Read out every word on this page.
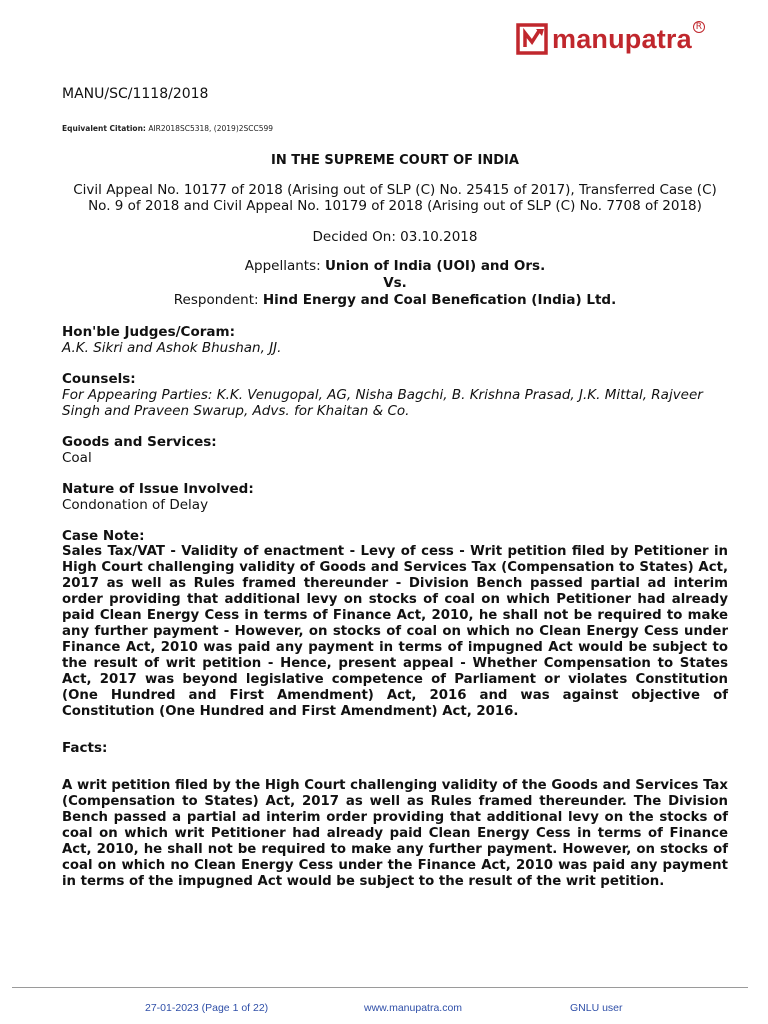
manupatra R

MANU/SC/1118/2018

Equivalent Citation: AIR2018SC5318, (2019)2SCC599
IN THE SUPREME COURT OF INDIA
Civil Appeal No. 10177 of 2018 (Arising out of SLP (C) No. 25415 of 2017), Transferred Case (C) No. 9 of 2018 and Civil Appeal No. 10179 of 2018 (Arising out of SLP (C) No. 7708 of 2018)
Decided On: 03.10.2018
Appellants: Union of India (UOI) and Ors.
Vs.
Respondent: Hind Energy and Coal Benefication (India) Ltd.
Hon'ble Judges/Coram:
A.K. Sikri and Ashok Bhushan, JJ.
Counsels:
For Appearing Parties: K.K. Venugopal, AG, Nisha Bagchi, B. Krishna Prasad, J.K. Mittal, Rajveer Singh and Praveen Swarup, Advs. for Khaitan & Co.
Goods and Services:
Coal
Nature of Issue Involved:
Condonation of Delay
Case Note:
Sales Tax/VAT - Validity of enactment - Levy of cess - Writ petition filed by Petitioner in High Court challenging validity of Goods and Services Tax (Compensation to States) Act, 2017 as well as Rules framed thereunder - Division Bench passed partial ad interim order providing that additional levy on stocks of coal on which Petitioner had already paid Clean Energy Cess in terms of Finance Act, 2010, he shall not be required to make any further payment - However, on stocks of coal on which no Clean Energy Cess under Finance Act, 2010 was paid any payment in terms of impugned Act would be subject to the result of writ petition - Hence, present appeal - Whether Compensation to States Act, 2017 was beyond legislative competence of Parliament or violates Constitution (One Hundred and First Amendment) Act, 2016 and was against objective of Constitution (One Hundred and First Amendment) Act, 2016.
Facts:
A writ petition filed by the High Court challenging validity of the Goods and Services Tax (Compensation to States) Act, 2017 as well as Rules framed thereunder. The Division Bench passed a partial ad interim order providing that additional levy on the stocks of coal on which writ Petitioner had already paid Clean Energy Cess in terms of Finance Act, 2010, he shall not be required to make any further payment. However, on stocks of coal on which no Clean Energy Cess under the Finance Act, 2010 was paid any payment in terms of the impugned Act would be subject to the result of the writ petition.
27-01-2023 (Page 1 of 22)	www.manupatra.com	GNLU user
